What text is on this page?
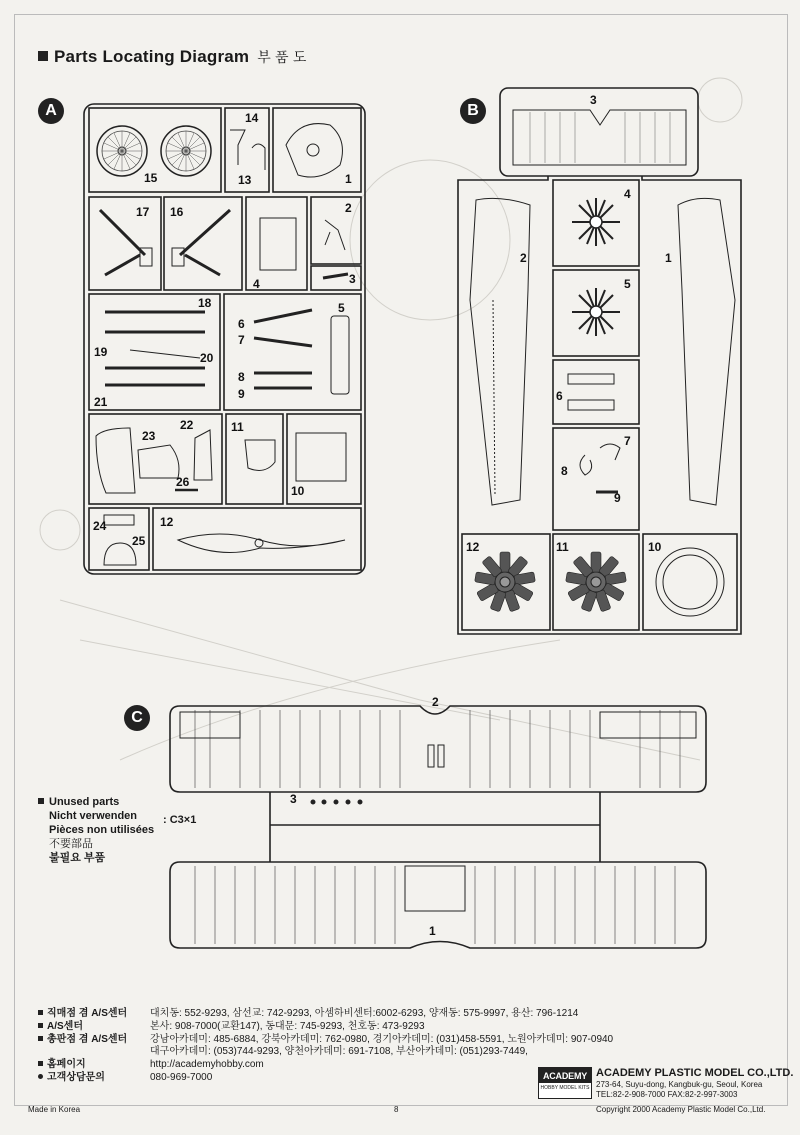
Parts Locating Diagram 부 품 도
A	B
C
1
2
3
4
5
6
7
8
9
10
11
12
13
14
15
16
17
18
19	20
21
22
23
24
25
26
1
2
3
4
5
6
7
8
9
10
11
12
1
2
3
Unused parts
Nicht verwenden
Pièces non utilisées
不要部品
불필요 부품
: C3×1
직매점 겸 A/S센터	대치동: 552-9293, 삼선교: 742-9293, 아셈하비센터:6002-6293, 양재동: 575-9997, 용산: 796-1214
A/S센터	본사: 908-7000(교환147), 동대문: 745-9293, 천호동: 473-9293
총판점 겸 A/S센터	강남아카데미: 485-6884, 강북아카데미: 762-0980, 경기아카데미: (031)458-5591, 노원아카데미: 907-0940
대구아카데미: (053)744-9293, 양천아카데미: 691-7108, 부산아카데미: (051)293-7449,
홈페이지	http://academyhobby.com
고객상담문의	080-969-7000	ACADEMY
HOBBY MODEL KITS
ACADEMY PLASTIC MODEL CO.,LTD.
273-64, Suyu-dong, Kangbuk-gu, Seoul, Korea
TEL:82-2-908-7000 FAX:82-2-997-3003
Made in Korea	8	Copyright 2000 Academy Plastic Model Co.,Ltd.
